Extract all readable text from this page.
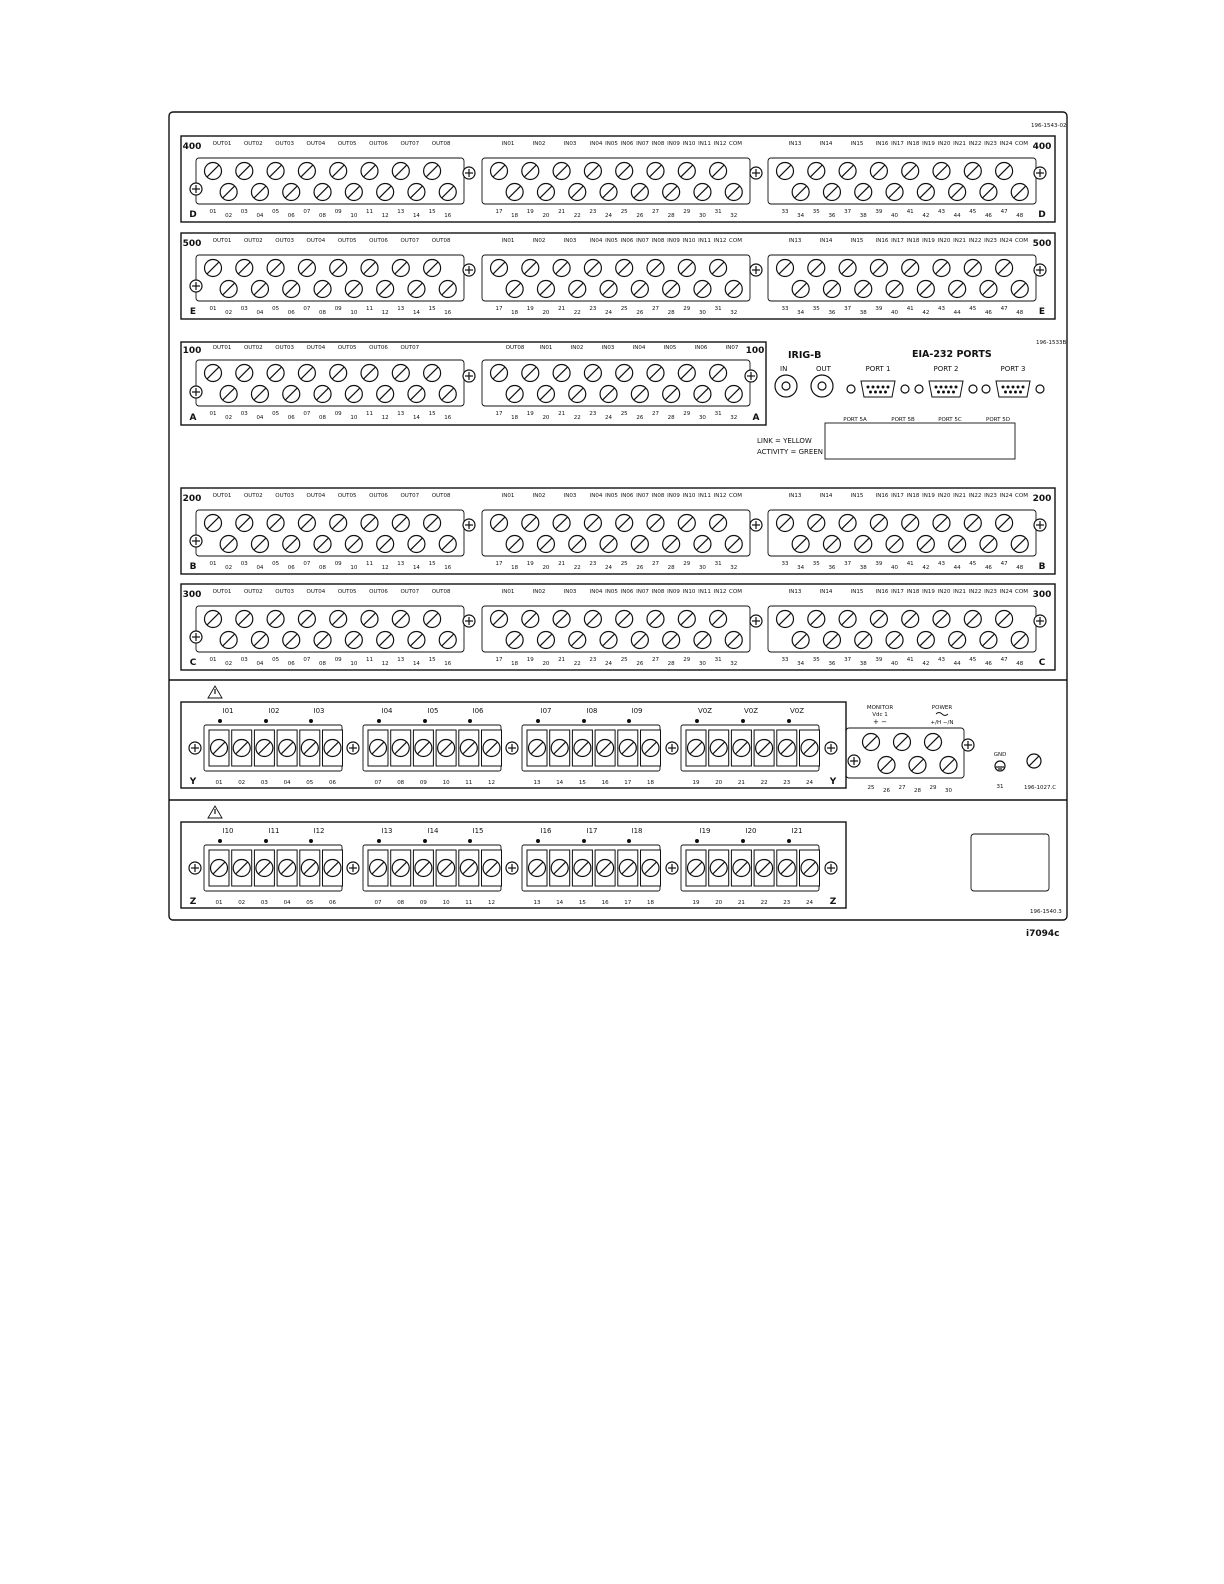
196-1543-02
196-1533B
196-1027.C
196-1540.3
i7094c
400	400
D	D
OUT01 OUT02 OUT03 OUT04 OUT05 OUT06 OUT07 OUT08	IN01	IN02	IN03 IN04 IN05 IN06 IN07 IN08 IN09 IN10 IN11 IN12 COM	IN13	IN14	IN15 IN16 IN17 IN18 IN19 IN20 IN21 IN22 IN23 IN24 COM
01
02
03
04
05
06
07
08
09
10
11
12
13
14
15
16
17
18
19
20
21
22
23
24
25
26
27
28
29
30
31
32
33
34
35
36
37
38
39
40
41
42
43
44
45
46
47
48
500	500
E	E
OUT01 OUT02 OUT03 OUT04 OUT05 OUT06 OUT07 OUT08	IN01	IN02	IN03 IN04 IN05 IN06 IN07 IN08 IN09 IN10 IN11 IN12 COM	IN13	IN14	IN15 IN16 IN17 IN18 IN19 IN20 IN21 IN22 IN23 IN24 COM
01
02
03
04
05
06
07
08
09
10
11
12
13
14
15
16
17
18
19
20
21
22
23
24
25
26
27
28
29
30
31
32
33
34
35
36
37
38
39
40
41
42
43
44
45
46
47
48
200	200
B	B
OUT01 OUT02 OUT03 OUT04 OUT05 OUT06 OUT07 OUT08	IN01	IN02	IN03 IN04 IN05 IN06 IN07 IN08 IN09 IN10 IN11 IN12 COM	IN13	IN14	IN15 IN16 IN17 IN18 IN19 IN20 IN21 IN22 IN23 IN24 COM
01
02
03
04
05
06
07
08
09
10
11
12
13
14
15
16
17
18
19
20
21
22
23
24
25
26
27
28
29
30
31
32
33
34
35
36
37
38
39
40
41
42
43
44
45
46
47
48
300	300
C	C
OUT01 OUT02 OUT03 OUT04 OUT05 OUT06 OUT07 OUT08	IN01	IN02	IN03 IN04 IN05 IN06 IN07 IN08 IN09 IN10 IN11 IN12 COM	IN13	IN14	IN15 IN16 IN17 IN18 IN19 IN20 IN21 IN22 IN23 IN24 COM
01
02
03
04
05
06
07
08
09
10
11
12
13
14
15
16
17
18
19
20
21
22
23
24
25
26
27
28
29
30
31
32
33
34
35
36
37
38
39
40
41
42
43
44
45
46
47
48
100	100
A	A
OUT01 OUT02 OUT03 OUT04 OUT05 OUT06 OUT07	OUT08	IN01	IN02	IN03	IN04	IN05	IN06	IN07
01
02
03
04
05
06
07
08
09
10
11
12
13
14
15
16
17
18
19
20
21
22
23
24
25
26
27
28
29
30
31
32
IRIG-B
IN	OUT
EIA-232 PORTS
PORT 1	PORT 2	PORT 3
LINK = YELLOW
ACTIVITY = GREEN
PORT 5A	PORT 5B	PORT 5C	PORT 5D
Y	Y
I01	I02	I03	I04	I05	I06	I07	I08	I09	V0Z	V0Z	V0Z
01	02	03	04	05	06	07	08	09	10	11	12	13	14	15	16	17	18	19	20	21	22	23	24
MONITOR
Vdc 1
+ −
POWER
+/H −/N
25 26 27 28 29 30
GND
31
Z	Z
I10	I11	I12	I13	I14	I15	I16	I17	I18	I19	I20	I21
01	02	03	04	05	06	07	08	09	10	11	12	13	14	15	16	17	18	19	20	21	22	23	24
